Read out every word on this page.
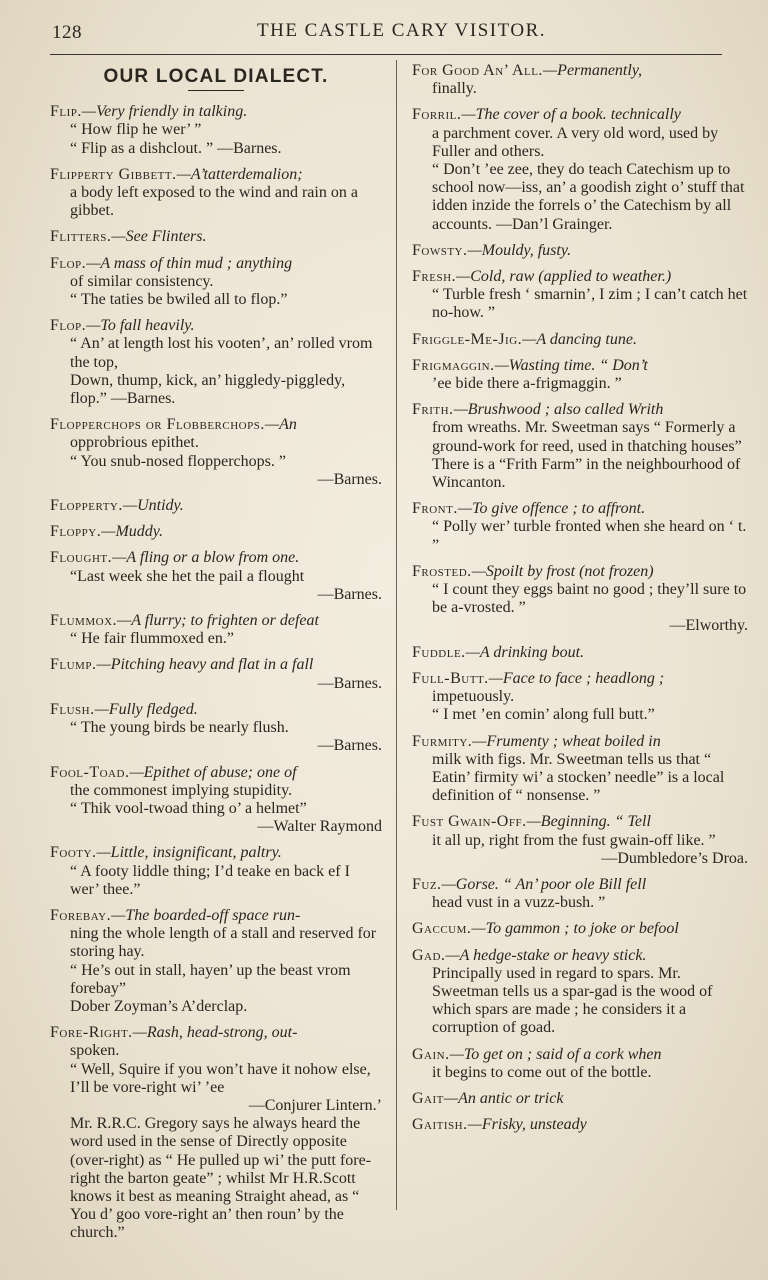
128	THE CASTLE CARY VISITOR.
OUR LOCAL DIALECT.
Flip.—Very friendly in talking.
“ How flip he wer’ ”
“ Flip as a dishclout. ” —Barnes.
Flipperty Gibbett.—A’tatterdemalion;
a body left exposed to the wind and rain on a gibbet.
Flitters.—See Flinters.
Flop.—A mass of thin mud ; anything
of similar consistency.
“ The taties be bwiled all to flop.”
Flop.—To fall heavily.
“ An’ at length lost his vooten’, an’ rolled vrom the top,
Down, thump, kick, an’ higgledy-piggledy, flop.” —Barnes.
Flopperchops or Flobberchops.—An
opprobrious epithet.
“ You snub-nosed flopperchops. ”
—Barnes.
Flopperty.—Untidy.
Floppy.—Muddy.
Flought.—A fling or a blow from one.
“Last week she het the pail a flought
—Barnes.
Flummox.—A flurry; to frighten or defeat
“ He fair flummoxed en.”
Flump.—Pitching heavy and flat in a fall
—Barnes.
Flush.—Fully fledged.
“ The young birds be nearly flush.
—Barnes.
Fool-Toad.—Epithet of abuse; one of
the commonest implying stupidity.
“ Thik vool-twoad thing o’ a helmet”
—Walter Raymond
Footy.—Little, insignificant, paltry.
“ A footy liddle thing; I’d teake en back ef I wer’ thee.”
Forebay.—The boarded-off space run-
ning the whole length of a stall and reserved for storing hay.
“ He’s out in stall, hayen’ up the beast vrom forebay”
Dober Zoyman’s A’derclap.
Fore-Right.—Rash, head-strong, out-
spoken.
“ Well, Squire if you won’t have it nohow else, I’ll be vore-right wi’ ’ee
—Conjurer Lintern.’
Mr. R.R.C. Gregory says he always heard the word used in the sense of Directly opposite (over-right) as “ He pulled up wi’ the putt fore-right the barton geate” ; whilst Mr H.R.Scott knows it best as meaning Straight ahead, as “ You d’ goo vore-right an’ then roun’ by the church.”
For Good An’ All.—Permanently,
finally.
Forril.—The cover of a book. technically
a parchment cover. A very old word, used by Fuller and others.
“ Don’t ’ee zee, they do teach Catechism up to school now—iss, an’ a goodish zight o’ stuff that idden inzide the forrels o’ the Catechism by all accounts. —Dan’l Grainger.
Fowsty.—Mouldy, fusty.
Fresh.—Cold, raw (applied to weather.)
“ Turble fresh ‘ smarnin’, I zim ; I can’t catch het no-how. ”
Friggle-Me-Jig.—A dancing tune.
Frigmaggin.—Wasting time. “ Don’t
’ee bide there a-frigmaggin. ”
Frith.—Brushwood ; also called Writh
from wreaths. Mr. Sweetman says “ Formerly a ground-work for reed, used in thatching houses” There is a “Frith Farm” in the neighbourhood of Wincanton.
Front.—To give offence ; to affront.
“ Polly wer’ turble fronted when she heard on ‘ t. ”
Frosted.—Spoilt by frost (not frozen)
“ I count they eggs baint no good ; they’ll sure to be a-vrosted. ”
—Elworthy.
Fuddle.—A drinking bout.
Full-Butt.—Face to face ; headlong ;
impetuously.
“ I met ’en comin’ along full butt.”
Furmity.—Frumenty ; wheat boiled in
milk with figs. Mr. Sweetman tells us that “ Eatin’ firmity wi’ a stocken’ needle” is a local definition of “ nonsense. ”
Fust Gwain-Off.—Beginning. “ Tell
it all up, right from the fust gwain-off like. ”
—Dumbledore’s Droa.
Fuz.—Gorse. “ An’ poor ole Bill fell
head vust in a vuzz-bush. ”
Gaccum.—To gammon ; to joke or befool
Gad.—A hedge-stake or heavy stick.
Principally used in regard to spars. Mr. Sweetman tells us a spar-gad is the wood of which spars are made ; he considers it a corruption of goad.
Gain.—To get on ; said of a cork when
it begins to come out of the bottle.
Gait—An antic or trick
Gaitish.—Frisky, unsteady
